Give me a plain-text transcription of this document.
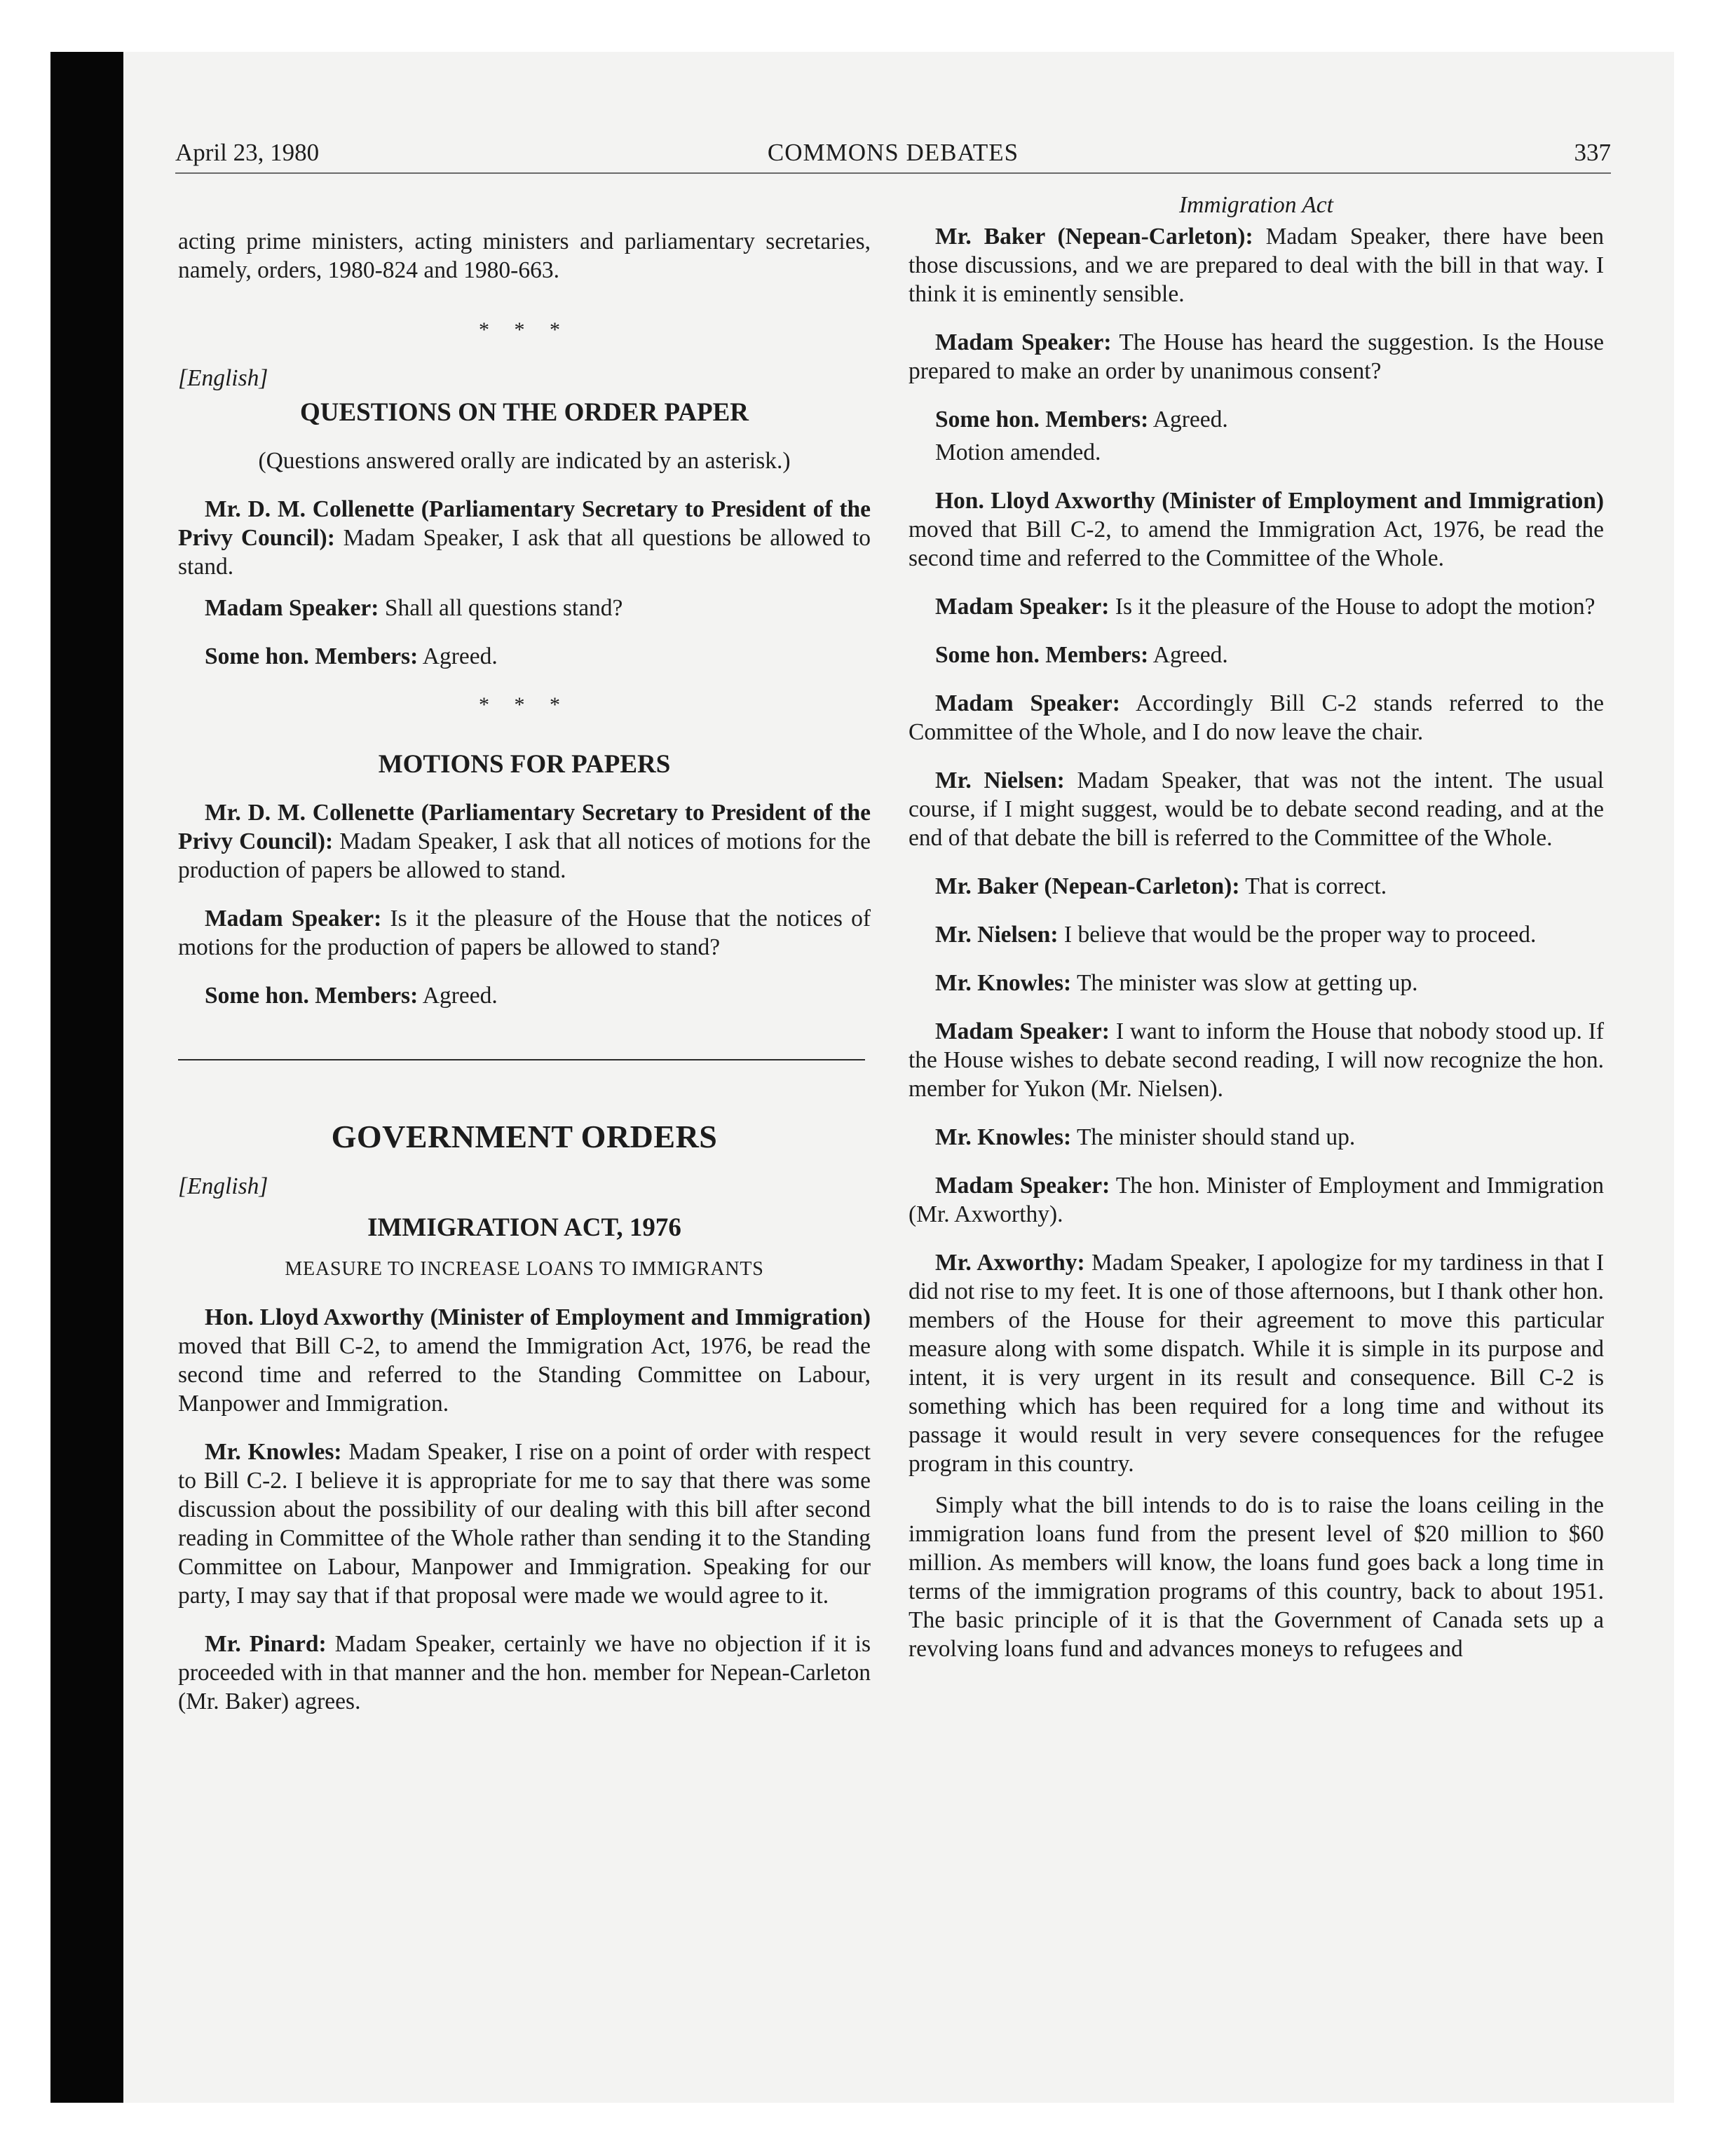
April 23, 1980	COMMONS DEBATES	337

acting prime ministers, acting ministers and parliamentary secretaries, namely, orders, 1980-824 and 1980-663.

* * *

[English]

QUESTIONS ON THE ORDER PAPER

(Questions answered orally are indicated by an asterisk.)

Mr. D. M. Collenette (Parliamentary Secretary to President of the Privy Council): Madam Speaker, I ask that all questions be allowed to stand.

Madam Speaker: Shall all questions stand?

Some hon. Members: Agreed.

* * *

MOTIONS FOR PAPERS

Mr. D. M. Collenette (Parliamentary Secretary to President of the Privy Council): Madam Speaker, I ask that all notices of motions for the production of papers be allowed to stand.

Madam Speaker: Is it the pleasure of the House that the notices of motions for the production of papers be allowed to stand?

Some hon. Members: Agreed.

GOVERNMENT ORDERS

[English]

IMMIGRATION ACT, 1976

MEASURE TO INCREASE LOANS TO IMMIGRANTS

Hon. Lloyd Axworthy (Minister of Employment and Immigration) moved that Bill C-2, to amend the Immigration Act, 1976, be read the second time and referred to the Standing Committee on Labour, Manpower and Immigration.

Mr. Knowles: Madam Speaker, I rise on a point of order with respect to Bill C-2. I believe it is appropriate for me to say that there was some discussion about the possibility of our dealing with this bill after second reading in Committee of the Whole rather than sending it to the Standing Committee on Labour, Manpower and Immigration. Speaking for our party, I may say that if that proposal were made we would agree to it.

Mr. Pinard: Madam Speaker, certainly we have no objection if it is proceeded with in that manner and the hon. member for Nepean-Carleton (Mr. Baker) agrees.

Immigration Act

Mr. Baker (Nepean-Carleton): Madam Speaker, there have been those discussions, and we are prepared to deal with the bill in that way. I think it is eminently sensible.

Madam Speaker: The House has heard the suggestion. Is the House prepared to make an order by unanimous consent?

Some hon. Members: Agreed.

Motion amended.

Hon. Lloyd Axworthy (Minister of Employment and Immigration) moved that Bill C-2, to amend the Immigration Act, 1976, be read the second time and referred to the Committee of the Whole.

Madam Speaker: Is it the pleasure of the House to adopt the motion?

Some hon. Members: Agreed.

Madam Speaker: Accordingly Bill C-2 stands referred to the Committee of the Whole, and I do now leave the chair.

Mr. Nielsen: Madam Speaker, that was not the intent. The usual course, if I might suggest, would be to debate second reading, and at the end of that debate the bill is referred to the Committee of the Whole.

Mr. Baker (Nepean-Carleton): That is correct.

Mr. Nielsen: I believe that would be the proper way to proceed.

Mr. Knowles: The minister was slow at getting up.

Madam Speaker: I want to inform the House that nobody stood up. If the House wishes to debate second reading, I will now recognize the hon. member for Yukon (Mr. Nielsen).

Mr. Knowles: The minister should stand up.

Madam Speaker: The hon. Minister of Employment and Immigration (Mr. Axworthy).

Mr. Axworthy: Madam Speaker, I apologize for my tardiness in that I did not rise to my feet. It is one of those afternoons, but I thank other hon. members of the House for their agreement to move this particular measure along with some dispatch. While it is simple in its purpose and intent, it is very urgent in its result and consequence. Bill C-2 is something which has been required for a long time and without its passage it would result in very severe consequences for the refugee program in this country.

Simply what the bill intends to do is to raise the loans ceiling in the immigration loans fund from the present level of $20 million to $60 million. As members will know, the loans fund goes back a long time in terms of the immigration programs of this country, back to about 1951. The basic principle of it is that the Government of Canada sets up a revolving loans fund and advances moneys to refugees and
